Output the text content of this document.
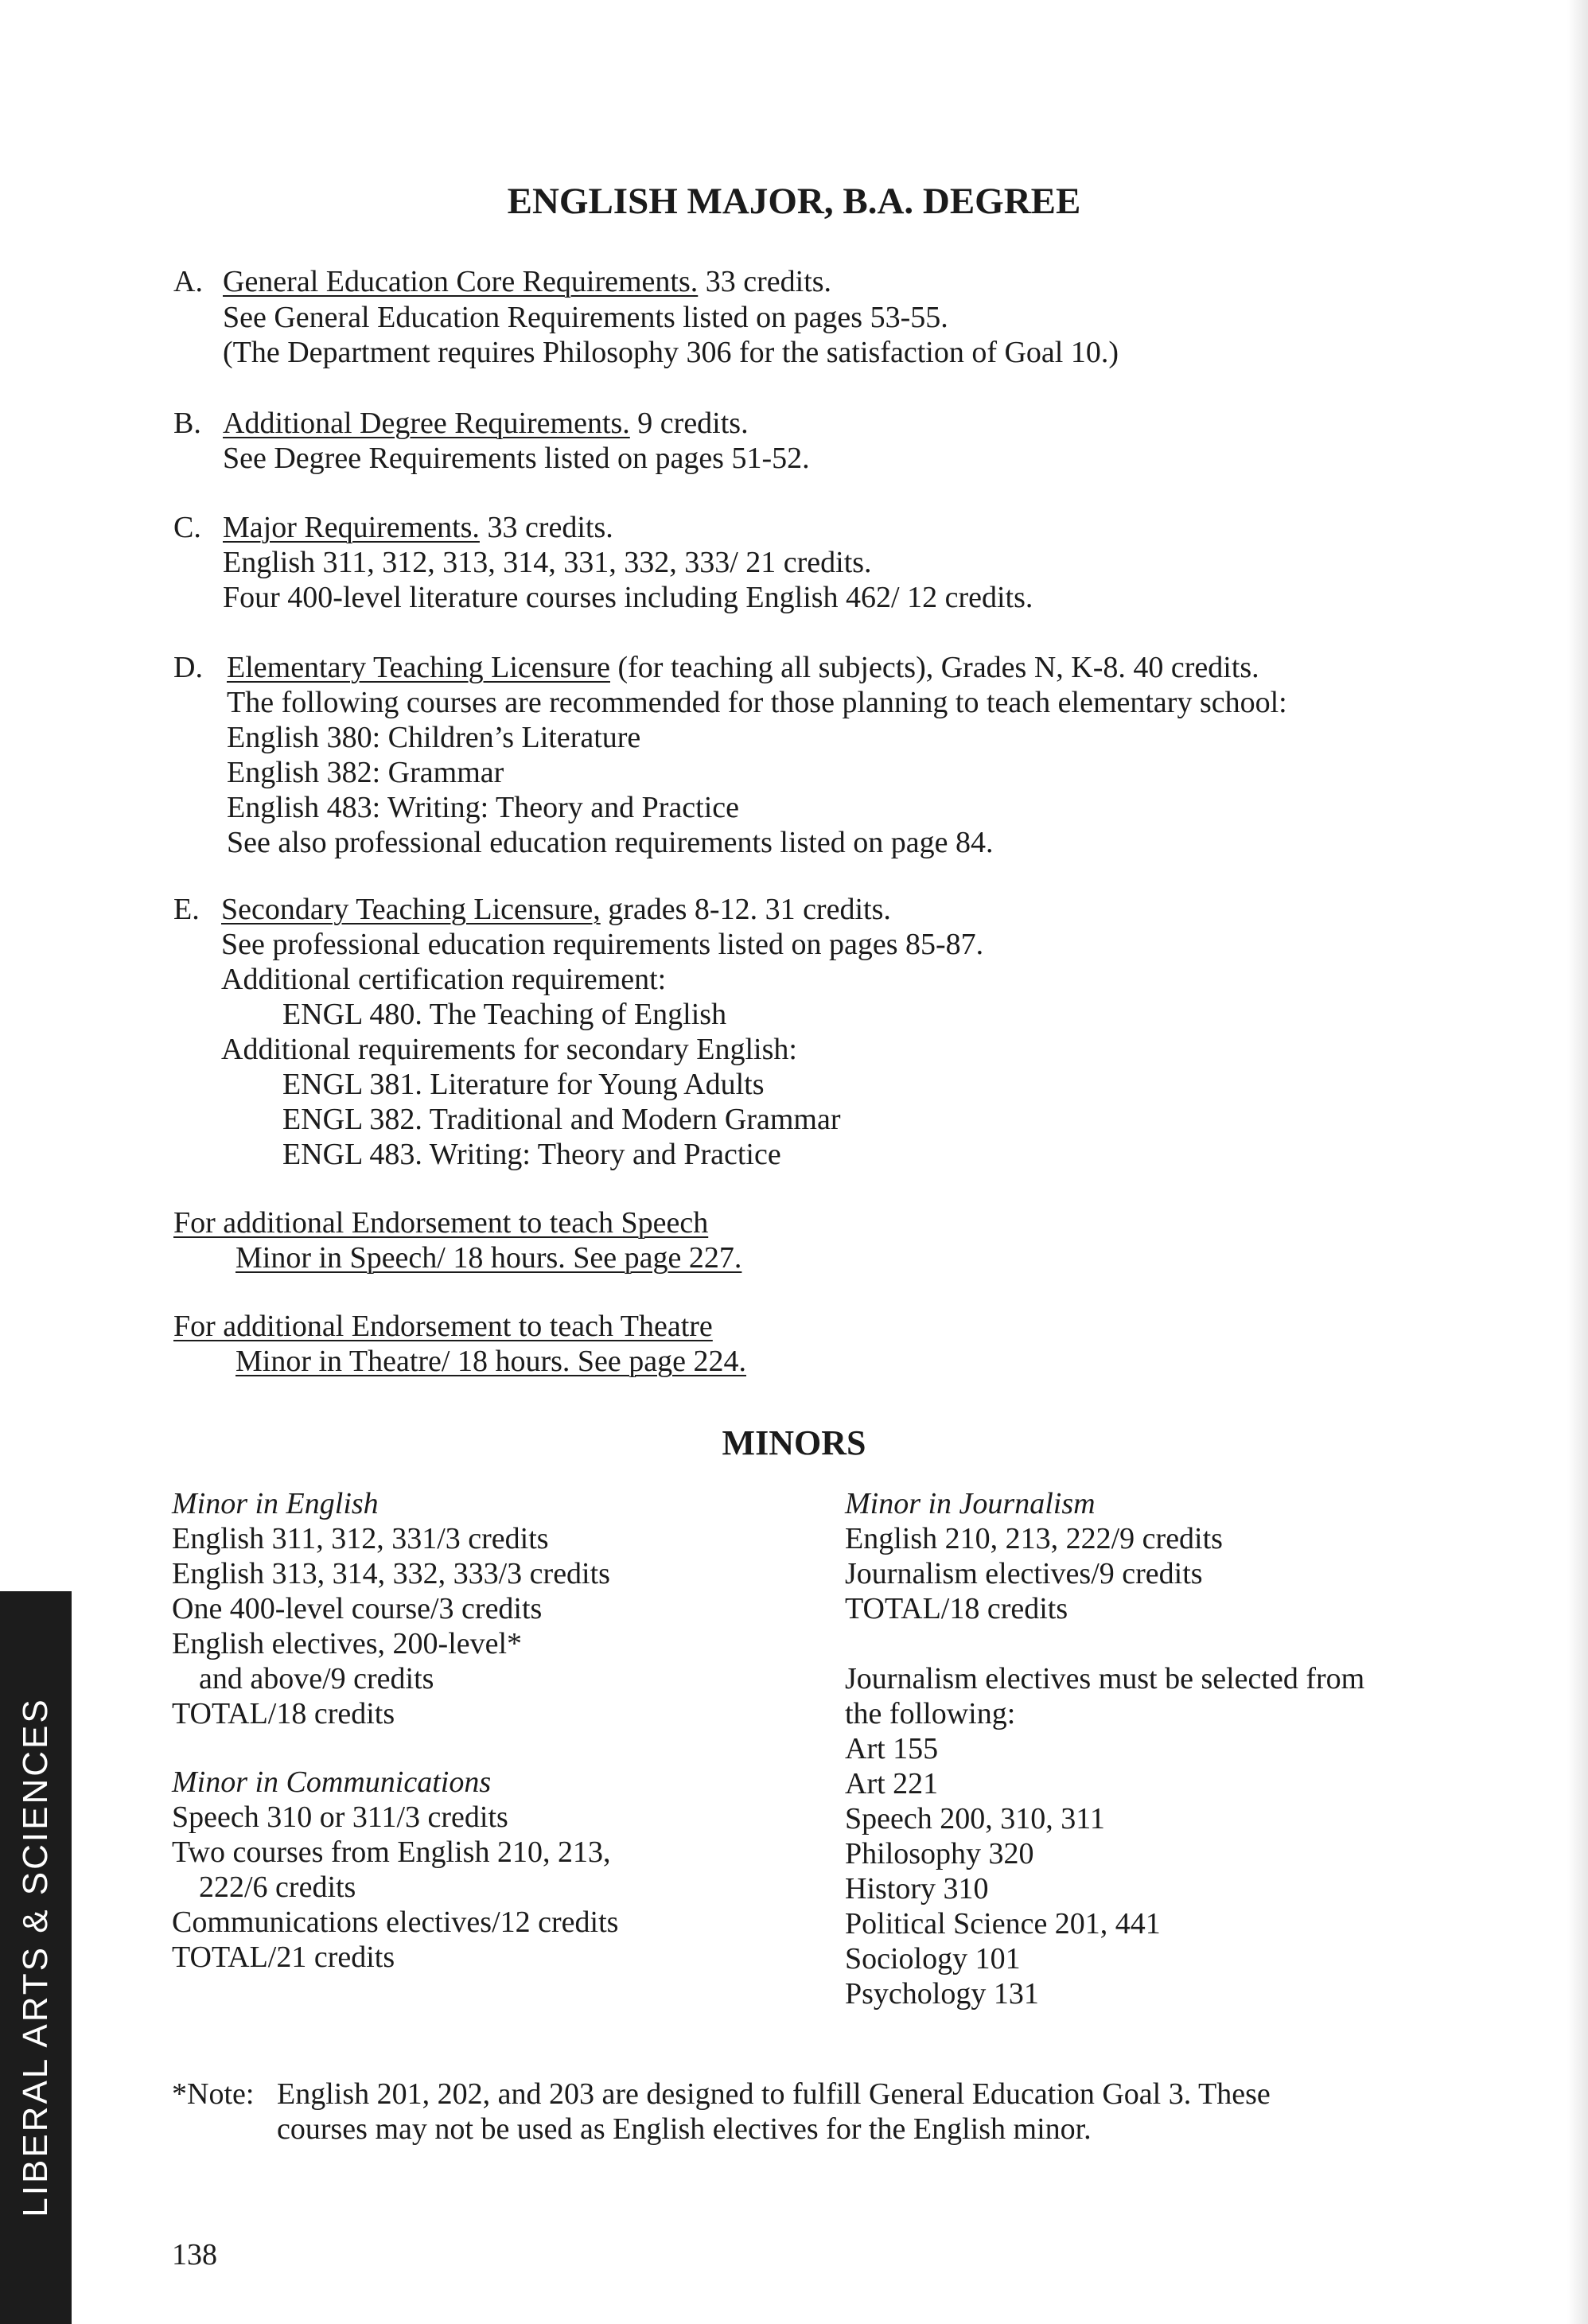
ENGLISH MAJOR, B.A. DEGREE
A. General Education Core Requirements. 33 credits.
See General Education Requirements listed on pages 53-55.
(The Department requires Philosophy 306 for the satisfaction of Goal 10.)
B. Additional Degree Requirements. 9 credits.
See Degree Requirements listed on pages 51-52.
C. Major Requirements. 33 credits.
English 311, 312, 313, 314, 331, 332, 333/ 21 credits.
Four 400-level literature courses including English 462/ 12 credits.
D. Elementary Teaching Licensure (for teaching all subjects), Grades N, K-8. 40 credits.
The following courses are recommended for those planning to teach elementary school:
English 380: Children’s Literature
English 382: Grammar
English 483: Writing: Theory and Practice
See also professional education requirements listed on page 84.
E. Secondary Teaching Licensure, grades 8-12. 31 credits.
See professional education requirements listed on pages 85-87.
Additional certification requirement:
ENGL 480. The Teaching of English
Additional requirements for secondary English:
ENGL 381. Literature for Young Adults
ENGL 382. Traditional and Modern Grammar
ENGL 483. Writing: Theory and Practice
For additional Endorsement to teach Speech
Minor in Speech/ 18 hours. See page 227.
For additional Endorsement to teach Theatre
Minor in Theatre/ 18 hours. See page 224.
MINORS
Minor in English
English 311, 312, 331/3 credits
English 313, 314, 332, 333/3 credits
One 400-level course/3 credits
English electives, 200-level*
and above/9 credits
TOTAL/18 credits
Minor in Communications
Speech 310 or 311/3 credits
Two courses from English 210, 213,
222/6 credits
Communications electives/12 credits
TOTAL/21 credits
Minor in Journalism
English 210, 213, 222/9 credits
Journalism electives/9 credits
TOTAL/18 credits
Journalism electives must be selected from
the following:
Art 155
Art 221
Speech 200, 310, 311
Philosophy 320
History 310
Political Science 201, 441
Sociology 101
Psychology 131
*Note: English 201, 202, and 203 are designed to fulfill General Education Goal 3. These
courses may not be used as English electives for the English minor.
138
LIBERAL ARTS & SCIENCES
